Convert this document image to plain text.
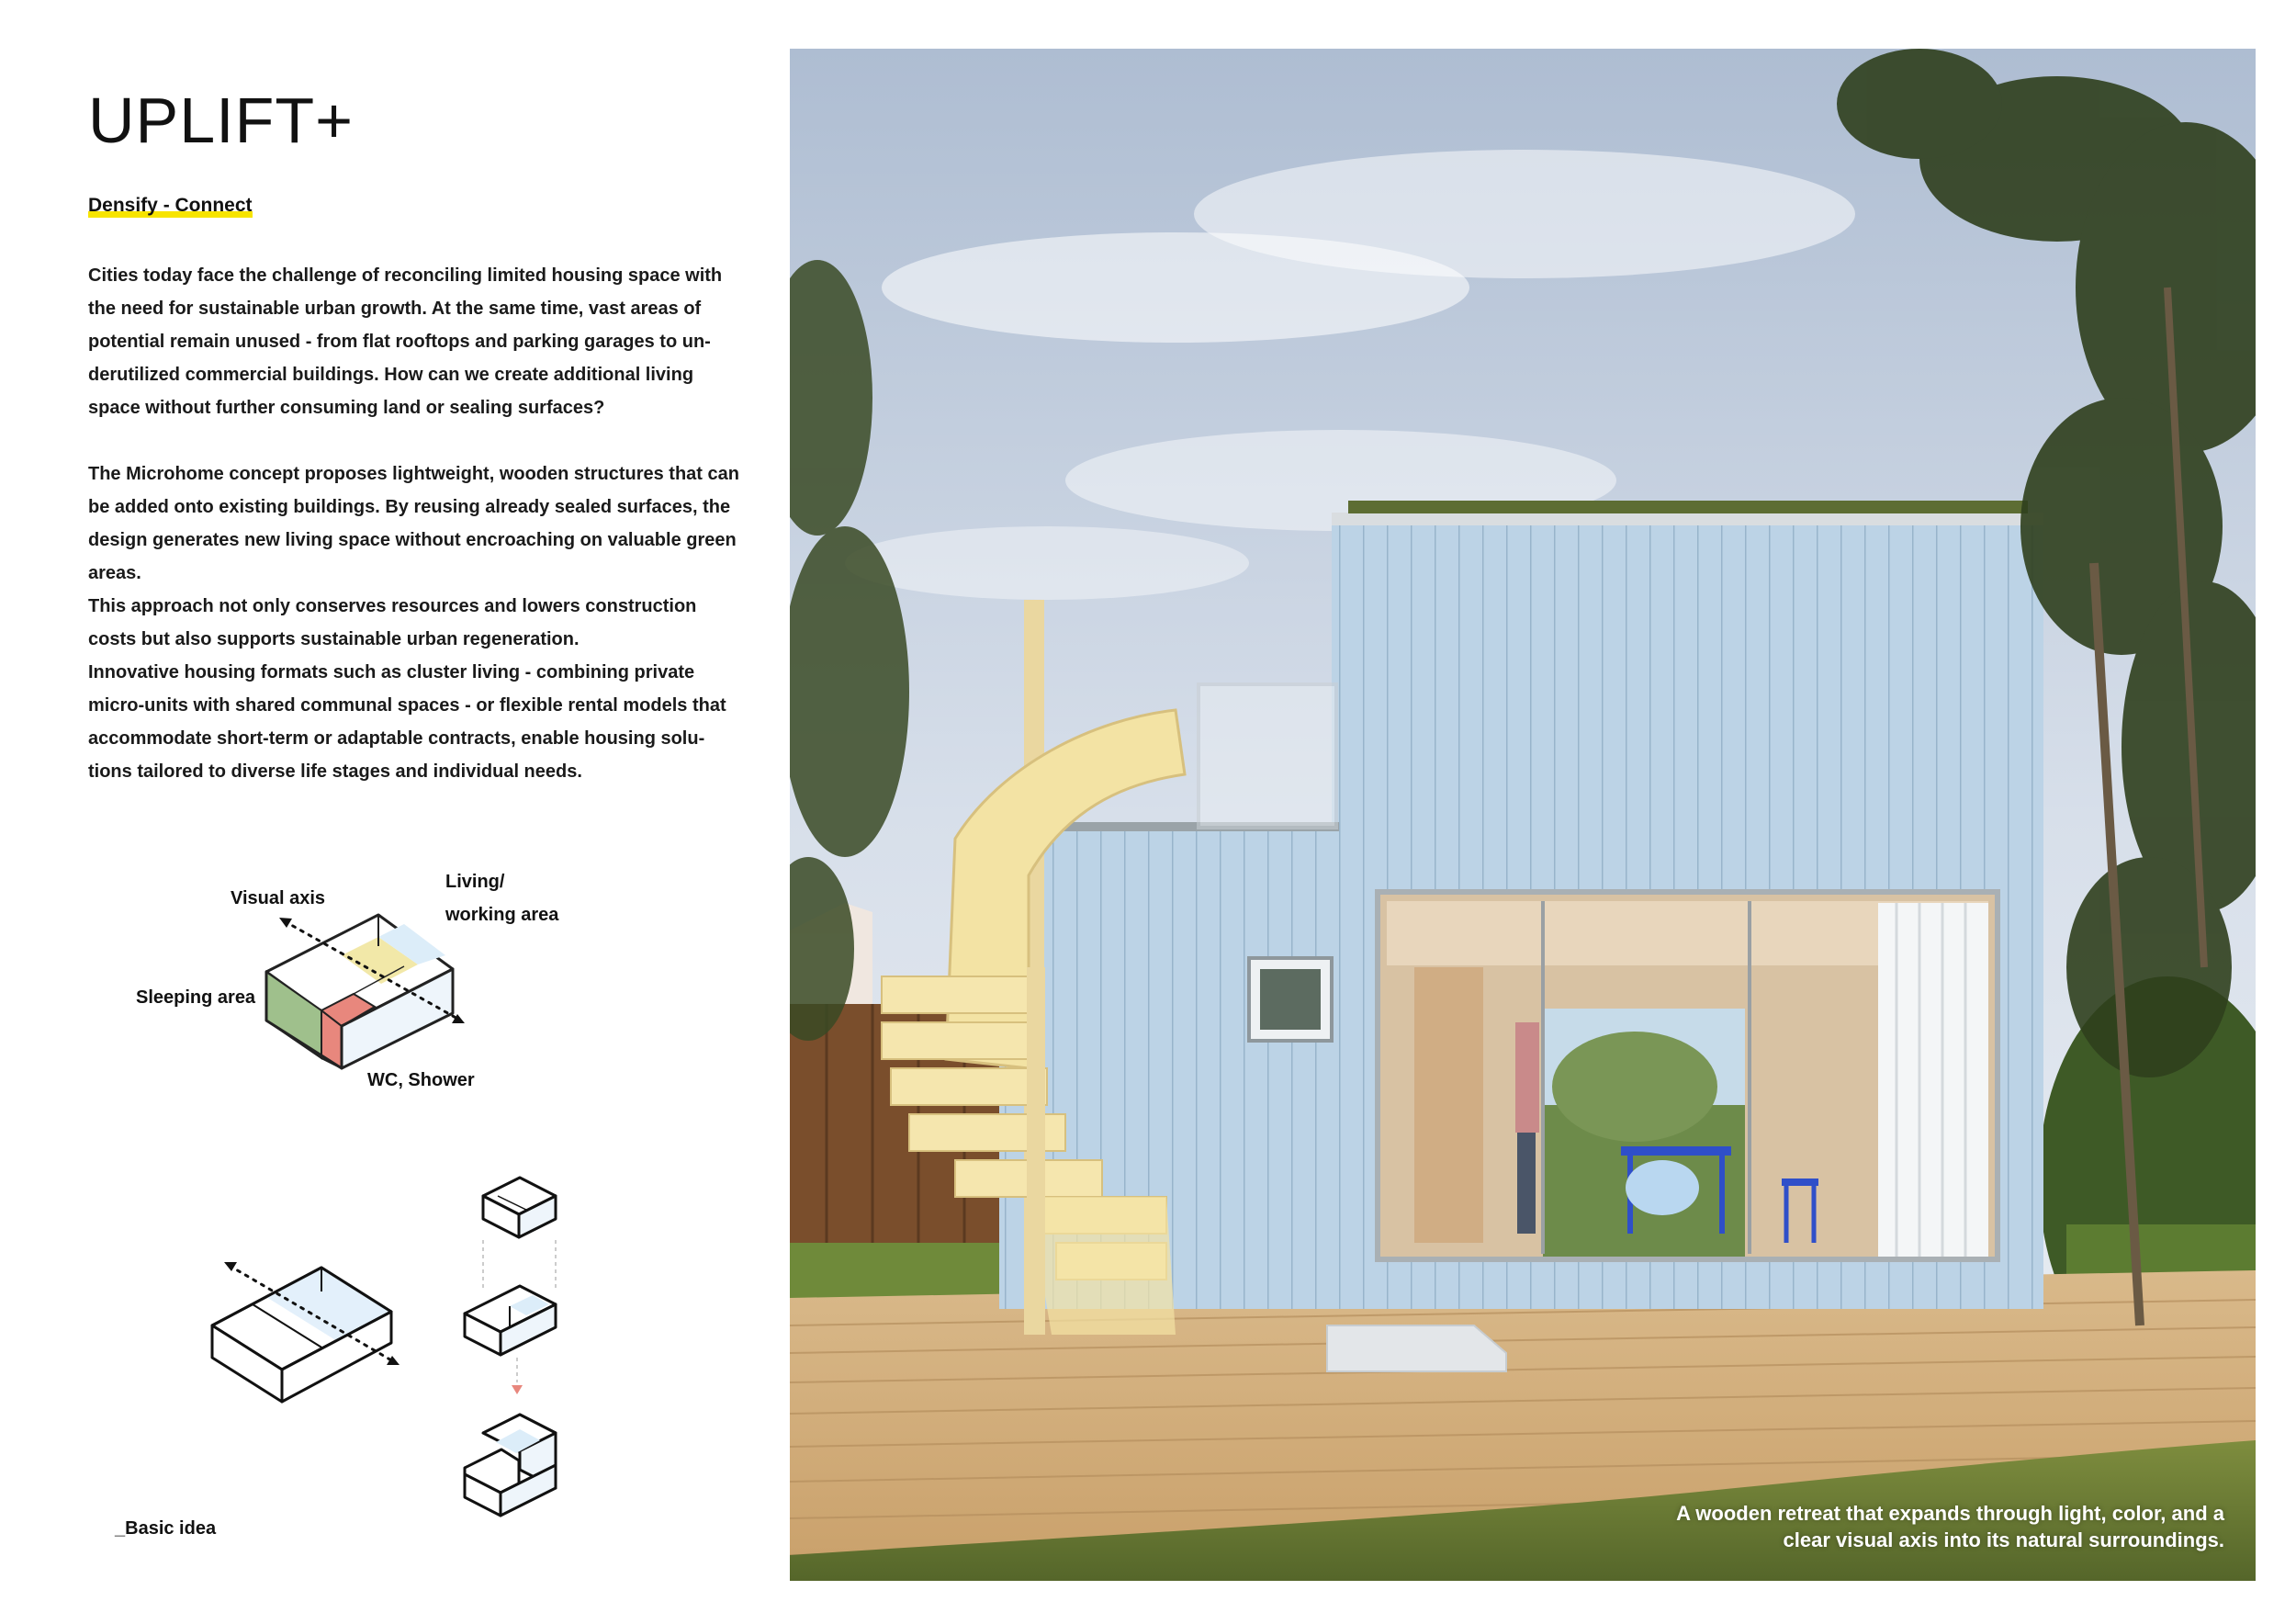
UPLIFT+
Densify - Connect

Cities today face the challenge of reconciling limited housing space with the need for sustainable urban growth. At the same time, vast areas of potential remain unused - from flat rooftops and parking garages to un-derutilized commercial buildings. How can we create additional living space without further consuming land or sealing surfaces?

The Microhome concept proposes lightweight, wooden structures that can be added onto existing buildings. By reusing already sealed surfaces, the design generates new living space without encroaching on valuable green areas.

This approach not only conserves resources and lowers construction costs but also supports sustainable urban regeneration.

Innovative housing formats such as cluster living - combining private micro-units with shared communal spaces - or flexible rental models that accommodate short-term or adaptable contracts, enable housing solu-tions tailored to diverse life stages and individual needs.

Visual axis
Living/
working area
Sleeping area
WC, Shower
_Basic idea
A wooden retreat that expands through light, color, and a clear visual axis into its natural surroundings.
